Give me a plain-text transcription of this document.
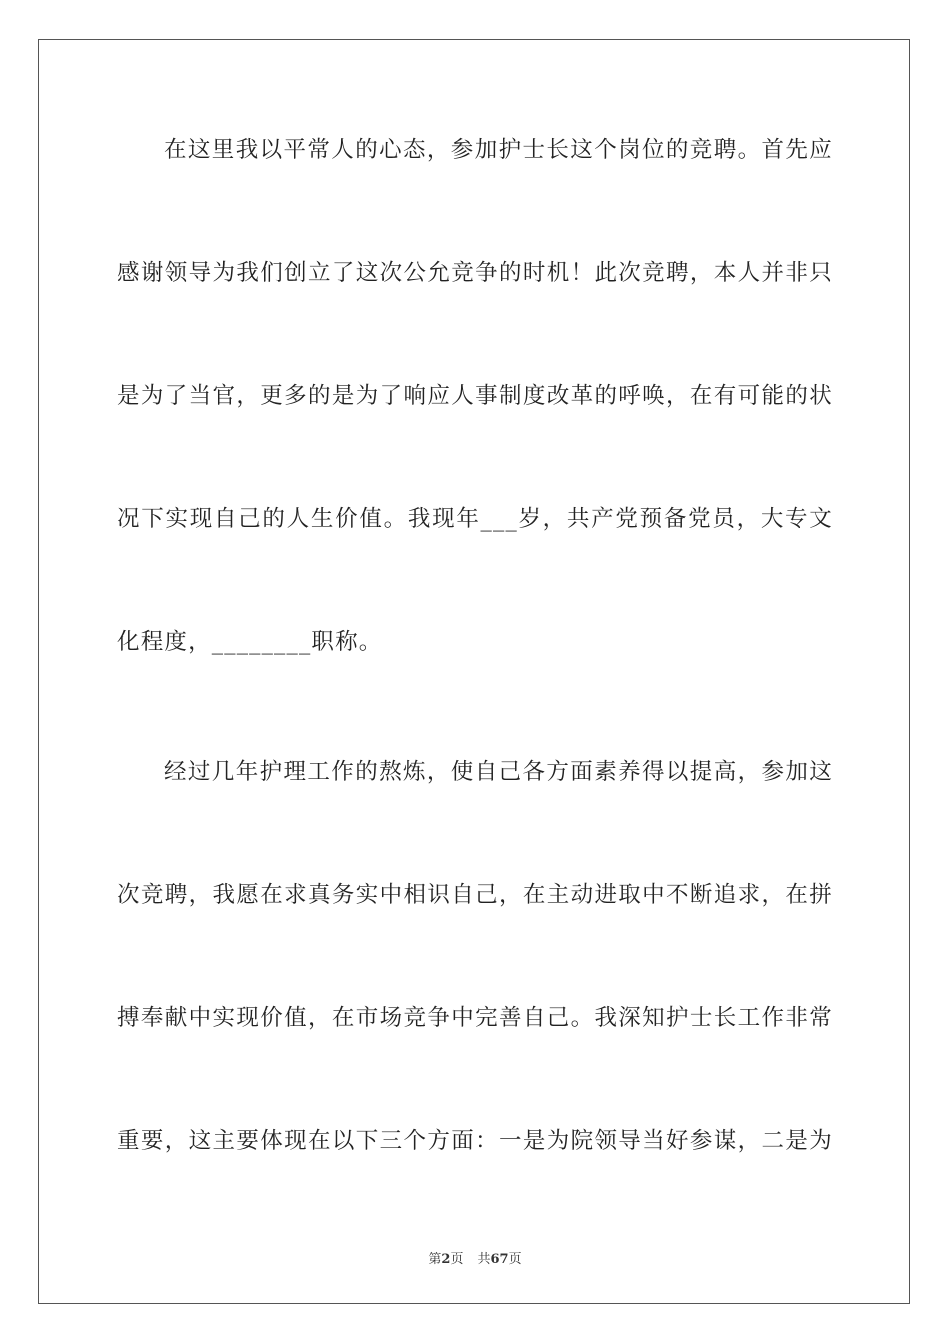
在这里我以平常人的心态，参加护士长这个岗位的竞聘。首先应
感谢领导为我们创立了这次公允竞争的时机！此次竞聘，本人并非只
是为了当官，更多的是为了响应人事制度改革的呼唤，在有可能的状
况下实现自己的人生价值。我现年___岁，共产党预备党员，大专文
化程度，________职称。
经过几年护理工作的熬炼，使自己各方面素养得以提高，参加这
次竞聘，我愿在求真务实中相识自己，在主动进取中不断追求，在拼
搏奉献中实现价值，在市场竞争中完善自己。我深知护士长工作非常
重要，这主要体现在以下三个方面：一是为院领导当好参谋，二是为
第2页 共67页
